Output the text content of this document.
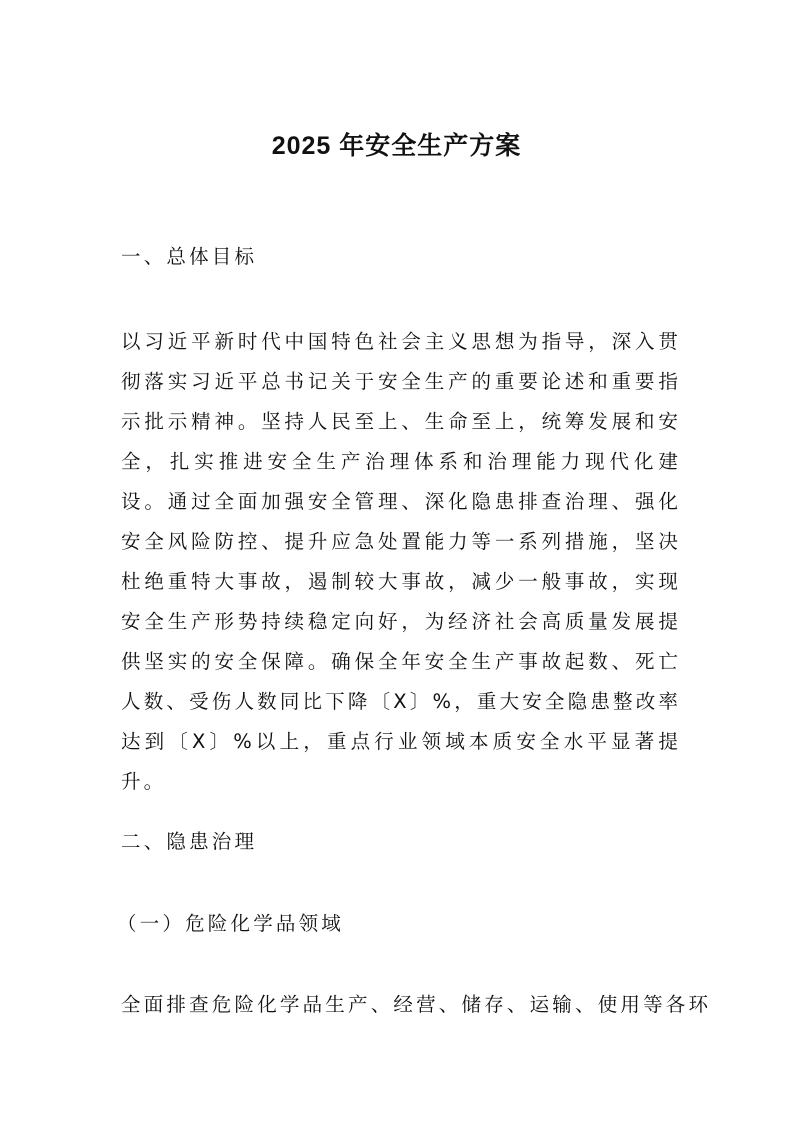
2025 年安全生产方案
一、总体目标
以习近平新时代中国特色社会主义思想为指导，深入贯彻落实习近平总书记关于安全生产的重要论述和重要指示批示精神。坚持人民至上、生命至上，统筹发展和安全，扎实推进安全生产治理体系和治理能力现代化建设。通过全面加强安全管理、深化隐患排查治理、强化安全风险防控、提升应急处置能力等一系列措施，坚决杜绝重特大事故，遏制较大事故，减少一般事故，实现安全生产形势持续稳定向好，为经济社会高质量发展提供坚实的安全保障。确保全年安全生产事故起数、死亡人数、受伤人数同比下降〔X〕%，重大安全隐患整改率达到〔X〕%以上，重点行业领域本质安全水平显著提升。
二、隐患治理
（一）危险化学品领域
全面排查危险化学品生产、经营、储存、运输、使用等各环
